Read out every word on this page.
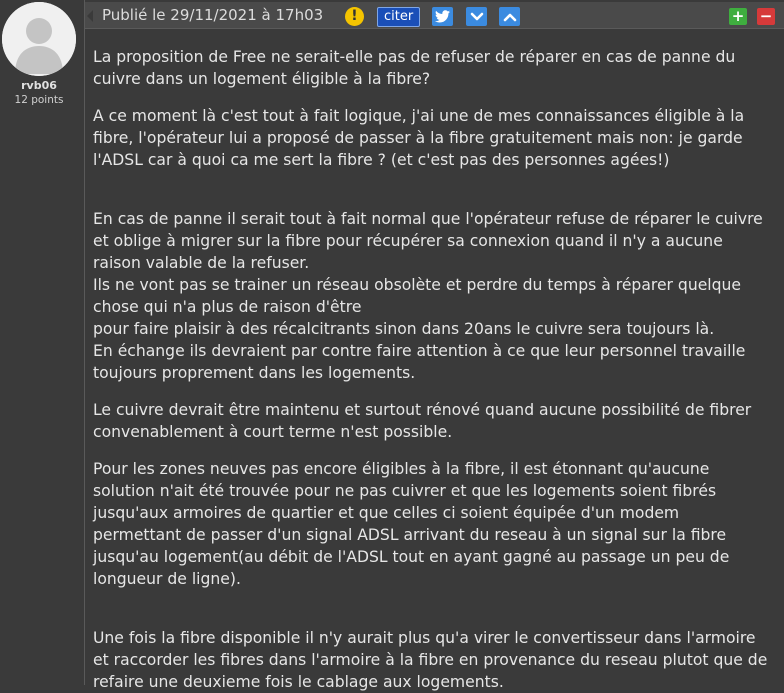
rvb06
12 points
Publié le 29/11/2021 à 17h03	!	citer	+ −

La proposition de Free ne serait-elle pas de refuser de réparer en cas de panne du
cuivre dans un logement éligible à la fibre?

A ce moment là c'est tout à fait logique, j'ai une de mes connaissances éligible à la
fibre, l'opérateur lui a proposé de passer à la fibre gratuitement mais non: je garde
l'ADSL car à quoi ca me sert la fibre ? (et c'est pas des personnes agées!)

En cas de panne il serait tout à fait normal que l'opérateur refuse de réparer le cuivre
et oblige à migrer sur la fibre pour récupérer sa connexion quand il n'y a aucune
raison valable de la refuser.
Ils ne vont pas se trainer un réseau obsolète et perdre du temps à réparer quelque
chose qui n'a plus de raison d'être
pour faire plaisir à des récalcitrants sinon dans 20ans le cuivre sera toujours là.
En échange ils devraient par contre faire attention à ce que leur personnel travaille
toujours proprement dans les logements.

Le cuivre devrait être maintenu et surtout rénové quand aucune possibilité de fibrer
convenablement à court terme n'est possible.

Pour les zones neuves pas encore éligibles à la fibre, il est étonnant qu'aucune
solution n'ait été trouvée pour ne pas cuivrer et que les logements soient fibrés
jusqu'aux armoires de quartier et que celles ci soient équipée d'un modem
permettant de passer d'un signal ADSL arrivant du reseau à un signal sur la fibre
jusqu'au logement(au débit de l'ADSL tout en ayant gagné au passage un peu de
longueur de ligne).

Une fois la fibre disponible il n'y aurait plus qu'a virer le convertisseur dans l'armoire
et raccorder les fibres dans l'armoire à la fibre en provenance du reseau plutot que de
refaire une deuxieme fois le cablage aux logements.
